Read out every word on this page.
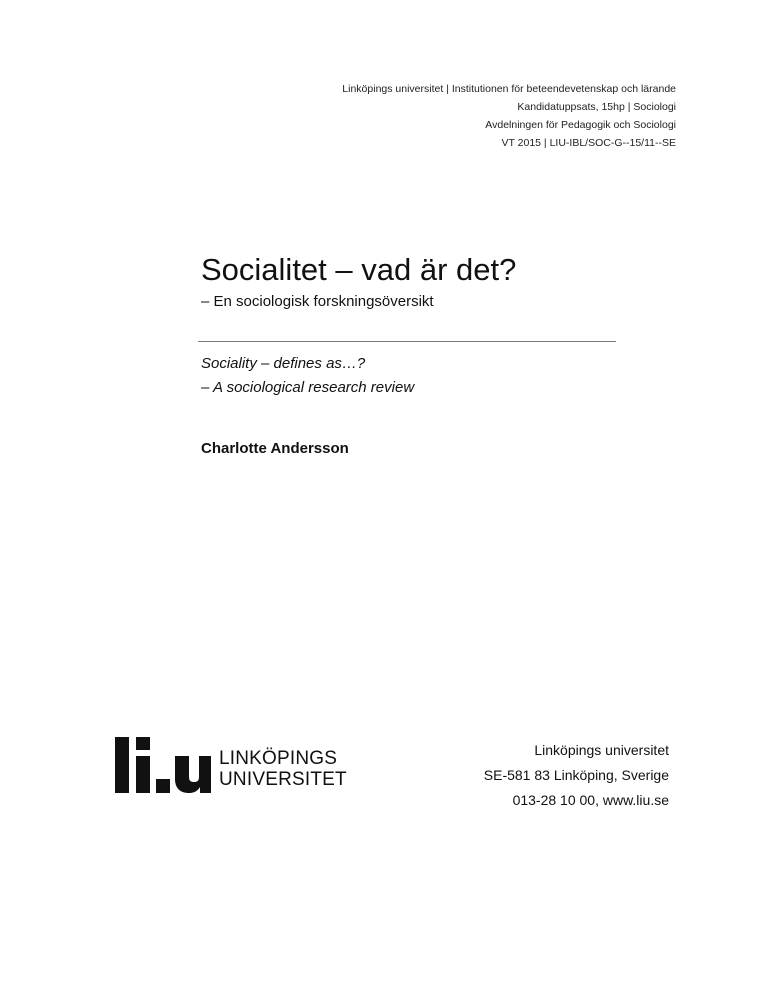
Linköpings universitet | Institutionen för beteendevetenskap och lärande
Kandidatuppsats, 15hp | Sociologi
Avdelningen för Pedagogik och Sociologi
VT 2015 | LIU-IBL/SOC-G--15/11--SE
Socialitet – vad är det?
– En sociologisk forskningsöversikt
Sociality – defines as…?
– A sociological research review
Charlotte Andersson
LINKÖPINGS
UNIVERSITET
Linköpings universitet
SE-581 83 Linköping, Sverige
013-28 10 00, www.liu.se
